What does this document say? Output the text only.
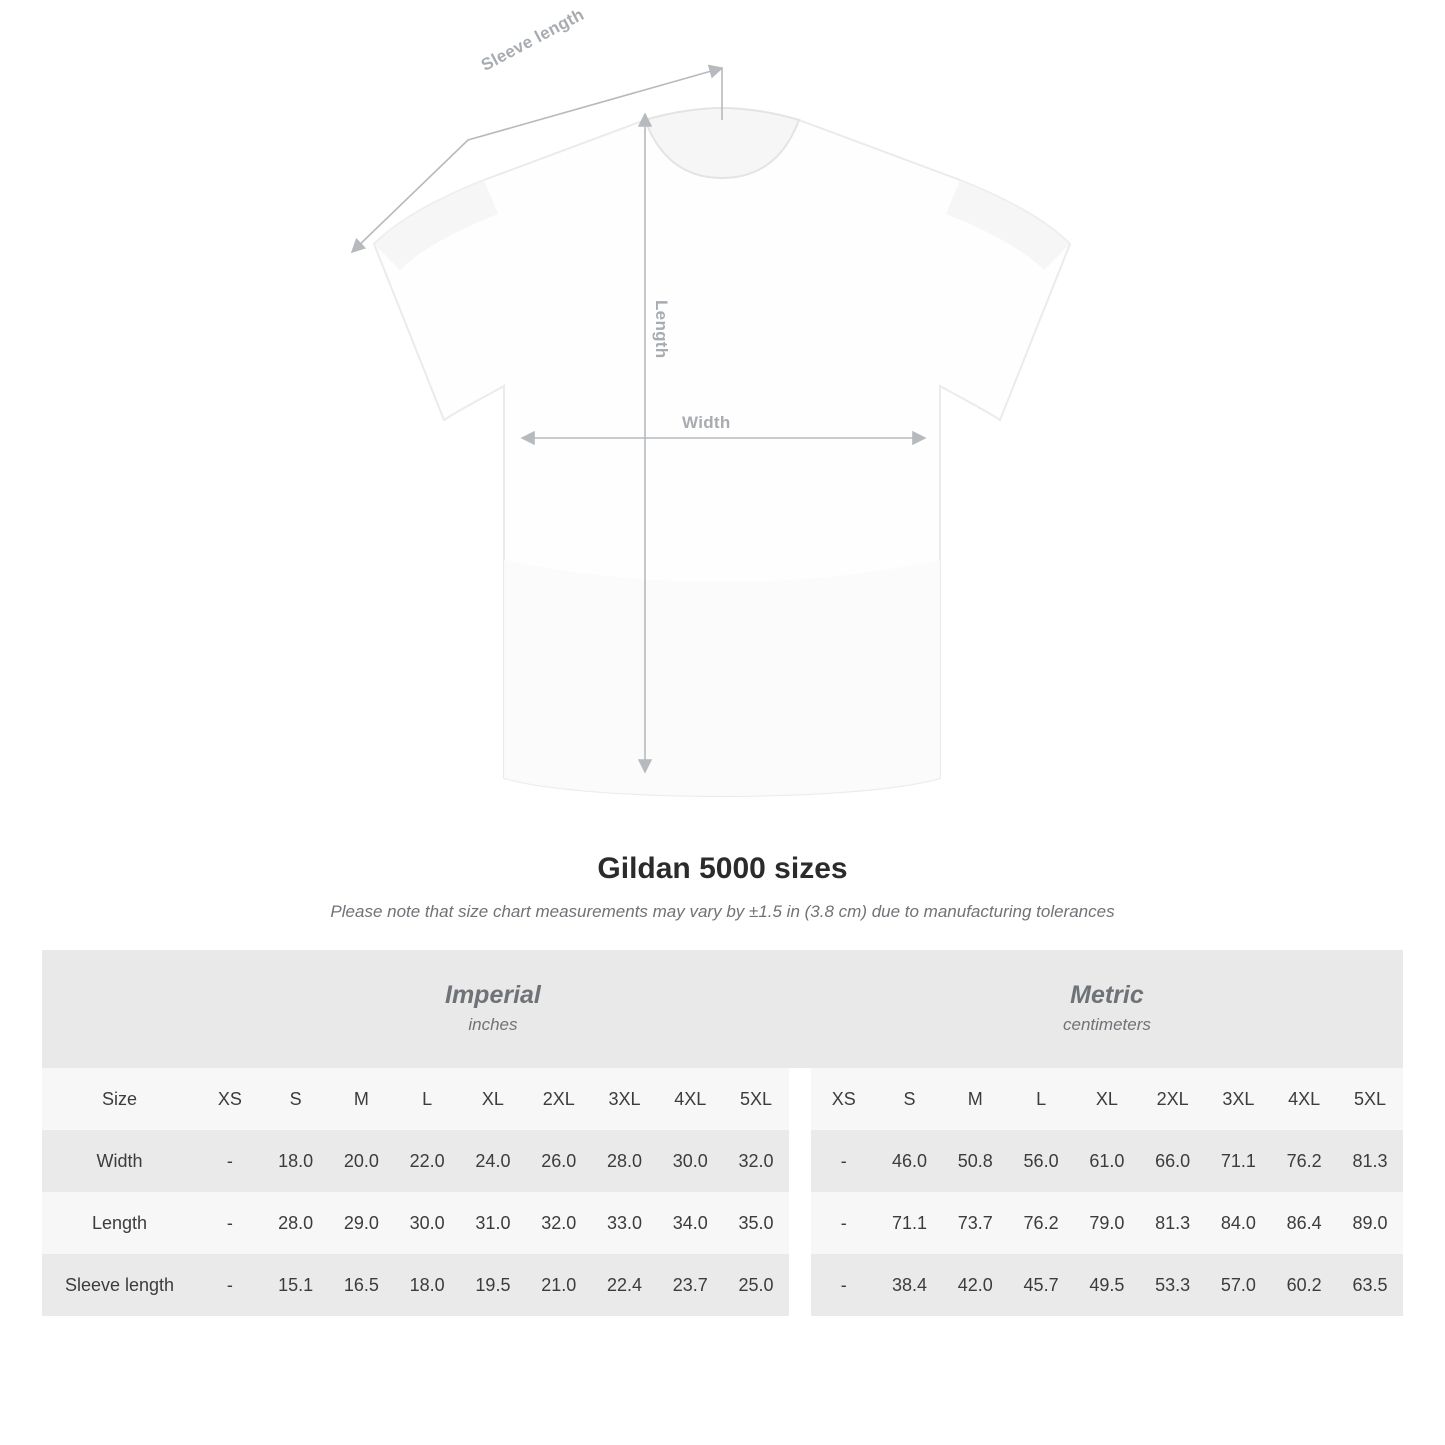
Sleeve length
Length
Width
Gildan 5000 sizes

Please note that size chart measurements may vary by ±1.5 in (3.8 cm) due to manufacturing tolerances

Imperial
inches

Metric
centimeters

Size	XS	S	M	L	XL	2XL	3XL	4XL	5XL		XS	S	M	L	XL	2XL	3XL	4XL	5XL
Width	-	18.0	20.0	22.0	24.0	26.0	28.0	30.0	32.0		-	46.0	50.8	56.0	61.0	66.0	71.1	76.2	81.3
Length	-	28.0	29.0	30.0	31.0	32.0	33.0	34.0	35.0		-	71.1	73.7	76.2	79.0	81.3	84.0	86.4	89.0
Sleeve length	-	15.1	16.5	18.0	19.5	21.0	22.4	23.7	25.0		-	38.4	42.0	45.7	49.5	53.3	57.0	60.2	63.5
